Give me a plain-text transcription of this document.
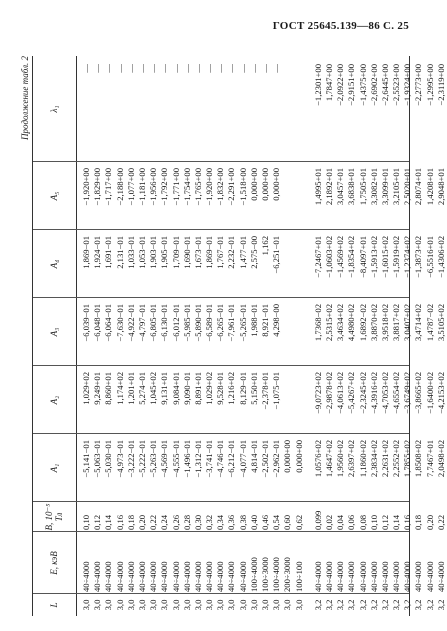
ГОСТ 25645.139—86 С. 25
Продолжение табл. 2
L
E, кэВ
B, 10⁻⁵ Тл
A₁
A₂
A₃
A₄
A₅
λ₁
3,0
40÷4000
0,10
−5,141−01
1,029+02
−6,039−01
1,869−01
−1,920+00
—
3,0
40÷4000
0,12
−5,063−01
9,249+01
−6,048−01
1,924−01
−1,829+00
—
3,0
40÷4000
0,14
−5,030−01
8,860+01
−6,064−01
1,691−01
−1,717+00
—
3,0
40÷4000
0,16
−4,973−01
1,174+02
−7,630−01
2,131−01
−2,188+00
—
3,0
40÷4000
0,18
−3,222−01
1,201+01
−4,922−01
1,033−01
−1,077+00
—
3,0
40÷4000
0,20
−5,222−01
5,274−01
−4,797−01
1,053−01
−1,181+00
—
3,0
40÷4000
0,22
−5,263−01
1,045+02
−6,805−01
1,903−01
−1,956+00
—
3,0
40÷4000
0,24
−4,569−01
9,131+01
−6,130−01
1,905−01
−1,792+00
—
3,0
40÷4000
0,26
−4,555−01
9,084+01
−6,012−01
1,709−01
−1,771+00
—
3,0
40÷4000
0,28
−1,496−01
9,090−01
−5,985−01
1,690−01
−1,754+00
—
3,0
40÷4000
0,30
−1,312−01
8,891+01
−5,890−01
1,673−01
−1,765+00
—
3,0
40÷4000
0,32
−3,741−01
1,029+02
−6,589−01
1,869−01
−1,920+00
—
3,0
40÷4000
0,34
−4,746−01
9,528+01
−6,265−01
1,767−01
−1,832+00
—
3,0
40÷4000
0,36
−6,212−01
1,216+02
−7,961−01
2,232−01
−2,291+00
—
3,0
40÷4000
0,38
−4,077−01
8,129−01
−5,265−01
1,477−01
−1,518+00
—
3,0
100÷4000
0,40
4,814−01
5,150+01
1,988−01
2,575−00
0,000+00
—
3,0
100÷3000
0,46
−2,502−01
−2,378+01
8,921−01
1,162
0,000+00
—
3,0
100÷4000
0,54
−2,962−01
−1,075−01
4,298−00
−6,251−01
0,000+00
—
3,0
200÷3000
0,60
0,000+00
3,0
100÷100
0,62
0,000+00
3,2
40÷4000
0,099
1,0576+02
−9,0723+02
1,7368−02
−7,2467+01
1,4995+01
−1,2301+00
3,2
40÷4000
0,02
1,4647+02
−2,9878+02
2,5315+02
−1,0603+02
2,1892+01
1,7847+00
3,2
40÷4000
0,04
1,9560+02
−4,0613+02
3,4634+02
−1,4569+02
3,0457+01
−2,0922+00
3,2
40÷4000
0,06
2,6397+02
−5,4267+02
4,4980+02
−1,8354+02
3,6838+01
−2,9151+00
3,2
40÷4000
0,08
1,1860+02
−2,3245+02
1,6892−02
−8,4097+01
1,7505+01
−1,4375+00
3,2
40÷4000
0,10
2,3834+02
−4,3916+02
3,8870+02
−1,5913+02
3,3082+01
−2,6902+00
3,2
40÷4000
0,12
2,2631+02
−4,7053+02
3,9518+02
−1,6015+02
3,3099+01
−2,6445+00
3,2
40÷4000
0,14
2,2552+02
−4,6554+02
3,8817+02
−1,5919+02
3,2105+01
−2,5523+00
3,2
40÷4000
0,16
1,7855+02
−3,6749+02
3,0407+02
−1,2374+02
2,5020+01
−1,9324+00
3,2
40÷4000
0,18
1,8508+02
−3,8665+02
3,4714+02
−1,3873+02
2,8074+01
−2,2773+00
3,2
40÷4000
0,20
7,7467+01
−1,6400+02
1,4787−02
−6,5516+01
1,4208+01
−1,2995+00
3,2
40÷4000
0,22
2,0498+02
−4,2153+02
3,5105+02
−1,4306+02
2,9048+01
−2,3119+00
